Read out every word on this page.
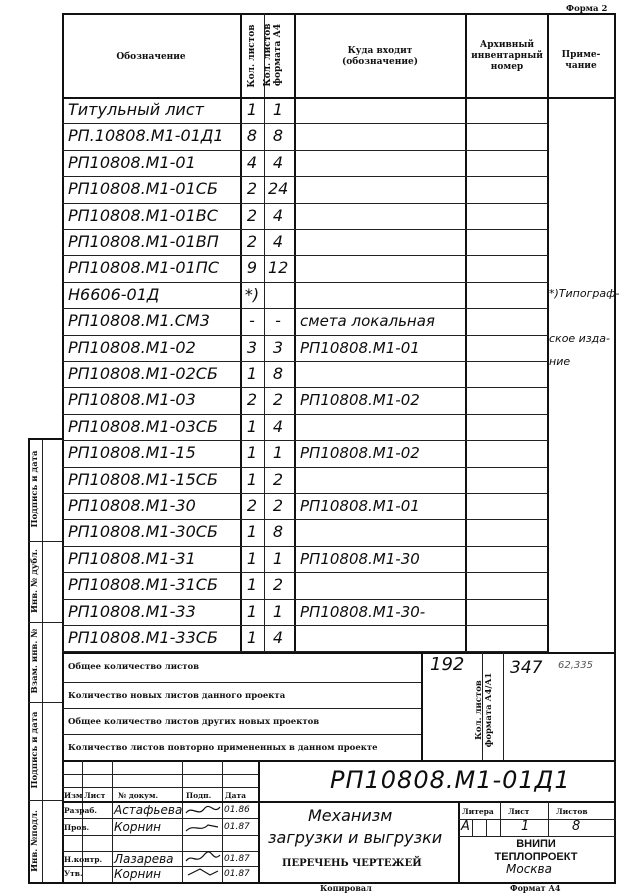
Форма 2
Обозначение	Кол. листов Кол. листов формата А4	Куда входит (обозначение)
Архивный инвентарный номер
Приме-чание
Титульный лист	1 1
РП.10808.М1-01Д1	8 8
РП10808.М1-01	4 4
РП10808.М1-01СБ	2 24
РП10808.М1-01ВС	2 4
РП10808.М1-01ВП	2 4
РП10808.М1-01ПС	9 12
Н6606-01Д	*)
РП10808.М1.СМ3	-	-	смета локальная
РП10808.М1-02	3 3	РП10808.М1-01
РП10808.М1-02СБ	1 8
РП10808.М1-03	2 2	РП10808.М1-02
РП10808.М1-03СБ	1 4
РП10808.М1-15	1 1	РП10808.М1-02
РП10808.М1-15СБ	1 2
РП10808.М1-30	2 2	РП10808.М1-01
РП10808.М1-30СБ	1 8
РП10808.М1-31	1 1	РП10808.М1-30
РП10808.М1-31СБ	1 2
РП10808.М1-33	1 1	РП10808.М1-30-
РП10808.М1-33СБ	1 4
*)Типограф-
ское изда-
ние
Общее количество листов	192	347 62,335
Количество новых листов данного проекта
Общее количество листов других новых проектов
Количество листов повторно примененных в данном проекте
Кол. листов формата А4/А1
Изм Лист № докум.	Подп. Дата
Разраб. Астафьева	01.86
Пров. Корнин	01.87
Н.контр. Лазарева	01.87
Утв.	Корнин	01.87
РП10808.М1-01Д1
Механизм
загрузки и выгрузки
ПЕРЕЧЕНЬ ЧЕРТЕЖЕЙ
Литера Лист	Листов
А	1	8
ВНИПИ
ТЕПЛОПРОЕКТ
Москва
Копировал	Формат А4
Подпись и дата
Инв. № дубл.
Взам. инв. №
Подпись и дата
Инв. №подл.
